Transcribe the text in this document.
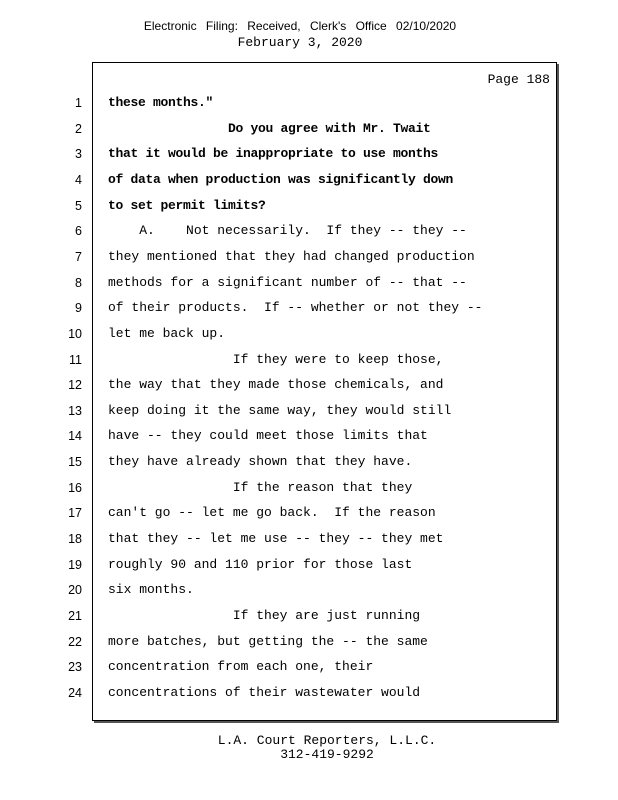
Electronic Filing: Received, Clerk's Office 02/10/2020
February 3, 2020
Page 188
1 these months."
2 Do you agree with Mr. Twait
3 that it would be inappropriate to use months
4 of data when production was significantly down
5 to set permit limits?
6 A.    Not necessarily.  If they -- they --
7 they mentioned that they had changed production
8 methods for a significant number of -- that --
9 of their products.  If -- whether or not they --
10 let me back up.
11 If they were to keep those,
12 the way that they made those chemicals, and
13 keep doing it the same way, they would still
14 have -- they could meet those limits that
15 they have already shown that they have.
16 If the reason that they
17 can't go -- let me go back.  If the reason
18 that they -- let me use -- they -- they met
19 roughly 90 and 110 prior for those last
20 six months.
21 If they are just running
22 more batches, but getting the -- the same
23 concentration from each one, their
24 concentrations of their wastewater would
L.A. Court Reporters, L.L.C.
312-419-9292
